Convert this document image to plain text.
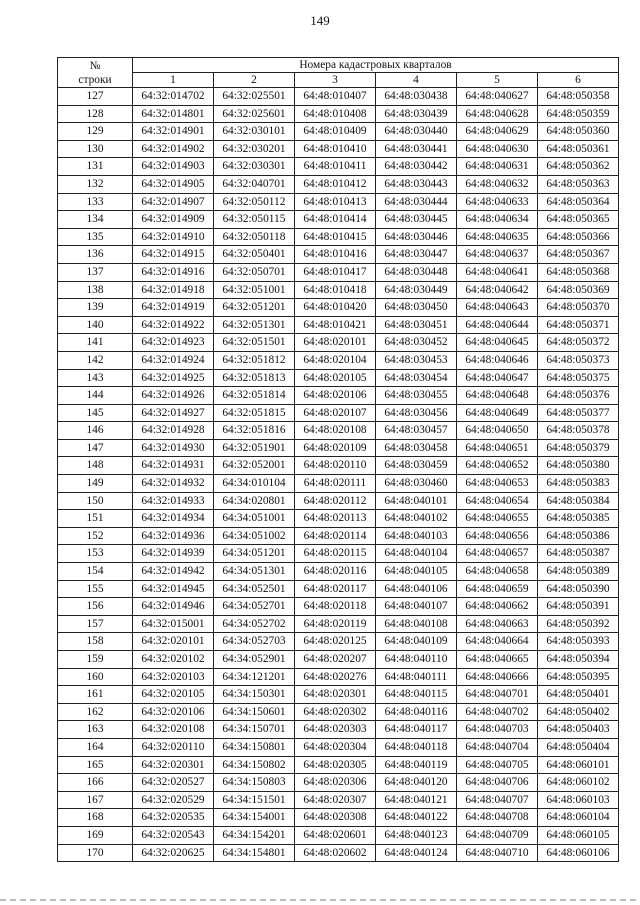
149
№
строки	Номера кадастровых кварталов					
	1	2	3	4	5	6
127	64:32:014702	64:32:025501	64:48:010407	64:48:030438	64:48:040627	64:48:050358
128	64:32:014801	64:32:025601	64:48:010408	64:48:030439	64:48:040628	64:48:050359
129	64:32:014901	64:32:030101	64:48:010409	64:48:030440	64:48:040629	64:48:050360
130	64:32:014902	64:32:030201	64:48:010410	64:48:030441	64:48:040630	64:48:050361
131	64:32:014903	64:32:030301	64:48:010411	64:48:030442	64:48:040631	64:48:050362
132	64:32:014905	64:32:040701	64:48:010412	64:48:030443	64:48:040632	64:48:050363
133	64:32:014907	64:32:050112	64:48:010413	64:48:030444	64:48:040633	64:48:050364
134	64:32:014909	64:32:050115	64:48:010414	64:48:030445	64:48:040634	64:48:050365
135	64:32:014910	64:32:050118	64:48:010415	64:48:030446	64:48:040635	64:48:050366
136	64:32:014915	64:32:050401	64:48:010416	64:48:030447	64:48:040637	64:48:050367
137	64:32:014916	64:32:050701	64:48:010417	64:48:030448	64:48:040641	64:48:050368
138	64:32:014918	64:32:051001	64:48:010418	64:48:030449	64:48:040642	64:48:050369
139	64:32:014919	64:32:051201	64:48:010420	64:48:030450	64:48:040643	64:48:050370
140	64:32:014922	64:32:051301	64:48:010421	64:48:030451	64:48:040644	64:48:050371
141	64:32:014923	64:32:051501	64:48:020101	64:48:030452	64:48:040645	64:48:050372
142	64:32:014924	64:32:051812	64:48:020104	64:48:030453	64:48:040646	64:48:050373
143	64:32:014925	64:32:051813	64:48:020105	64:48:030454	64:48:040647	64:48:050375
144	64:32:014926	64:32:051814	64:48:020106	64:48:030455	64:48:040648	64:48:050376
145	64:32:014927	64:32:051815	64:48:020107	64:48:030456	64:48:040649	64:48:050377
146	64:32:014928	64:32:051816	64:48:020108	64:48:030457	64:48:040650	64:48:050378
147	64:32:014930	64:32:051901	64:48:020109	64:48:030458	64:48:040651	64:48:050379
148	64:32:014931	64:32:052001	64:48:020110	64:48:030459	64:48:040652	64:48:050380
149	64:32:014932	64:34:010104	64:48:020111	64:48:030460	64:48:040653	64:48:050383
150	64:32:014933	64:34:020801	64:48:020112	64:48:040101	64:48:040654	64:48:050384
151	64:32:014934	64:34:051001	64:48:020113	64:48:040102	64:48:040655	64:48:050385
152	64:32:014936	64:34:051002	64:48:020114	64:48:040103	64:48:040656	64:48:050386
153	64:32:014939	64:34:051201	64:48:020115	64:48:040104	64:48:040657	64:48:050387
154	64:32:014942	64:34:051301	64:48:020116	64:48:040105	64:48:040658	64:48:050389
155	64:32:014945	64:34:052501	64:48:020117	64:48:040106	64:48:040659	64:48:050390
156	64:32:014946	64:34:052701	64:48:020118	64:48:040107	64:48:040662	64:48:050391
157	64:32:015001	64:34:052702	64:48:020119	64:48:040108	64:48:040663	64:48:050392
158	64:32:020101	64:34:052703	64:48:020125	64:48:040109	64:48:040664	64:48:050393
159	64:32:020102	64:34:052901	64:48:020207	64:48:040110	64:48:040665	64:48:050394
160	64:32:020103	64:34:121201	64:48:020276	64:48:040111	64:48:040666	64:48:050395
161	64:32:020105	64:34:150301	64:48:020301	64:48:040115	64:48:040701	64:48:050401
162	64:32:020106	64:34:150601	64:48:020302	64:48:040116	64:48:040702	64:48:050402
163	64:32:020108	64:34:150701	64:48:020303	64:48:040117	64:48:040703	64:48:050403
164	64:32:020110	64:34:150801	64:48:020304	64:48:040118	64:48:040704	64:48:050404
165	64:32:020301	64:34:150802	64:48:020305	64:48:040119	64:48:040705	64:48:060101
166	64:32:020527	64:34:150803	64:48:020306	64:48:040120	64:48:040706	64:48:060102
167	64:32:020529	64:34:151501	64:48:020307	64:48:040121	64:48:040707	64:48:060103
168	64:32:020535	64:34:154001	64:48:020308	64:48:040122	64:48:040708	64:48:060104
169	64:32:020543	64:34:154201	64:48:020601	64:48:040123	64:48:040709	64:48:060105
170	64:32:020625	64:34:154801	64:48:020602	64:48:040124	64:48:040710	64:48:060106
